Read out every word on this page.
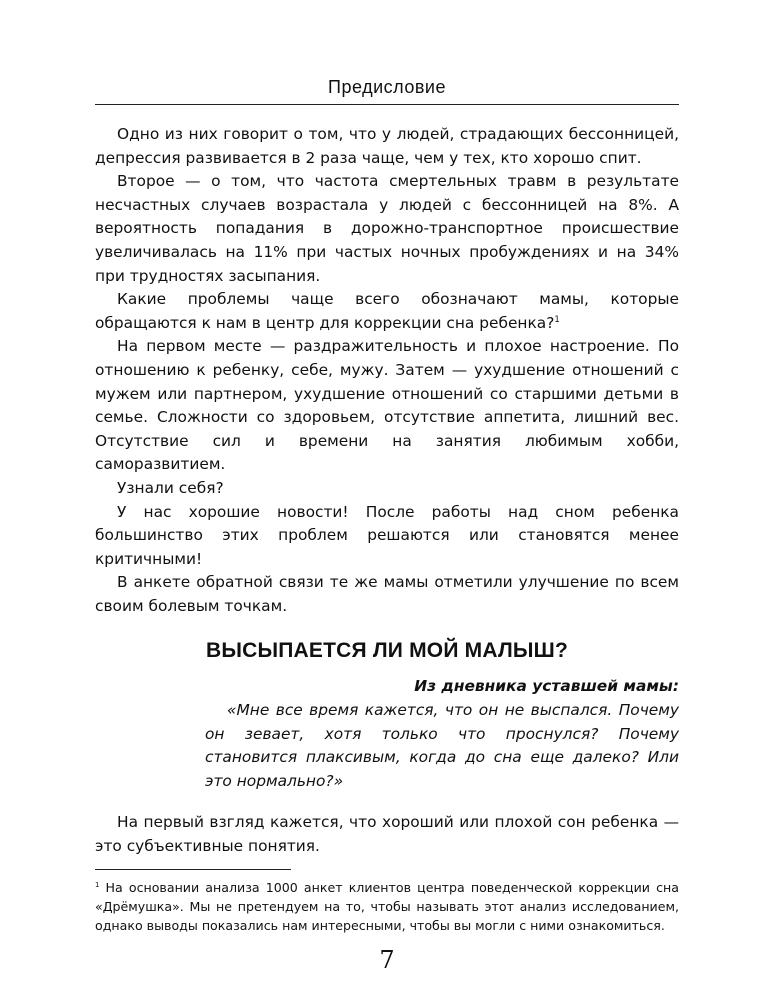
Предисловие

Одно из них говорит о том, что у людей, страдающих бессонницей, депрессия развивается в 2 раза чаще, чем у тех, кто хорошо спит.

Второе — о том, что частота смертельных травм в результате несчастных случаев возрастала у людей с бессонницей на 8%. А вероятность попадания в дорожно-транспортное происшествие увеличивалась на 11% при частых ночных пробуждениях и на 34% при трудностях засыпания.

Какие проблемы чаще всего обозначают мамы, которые обращаются к нам в центр для коррекции сна ребенка?$^1$

На первом месте — раздражительность и плохое настроение. По отношению к ребенку, себе, мужу. Затем — ухудшение отношений с мужем или партнером, ухудшение отношений со старшими детьми в семье. Сложности со здоровьем, отсутствие аппетита, лишний вес. Отсутствие сил и времени на занятия любимым хобби, саморазвитием.

Узнали себя?

У нас хорошие новости! После работы над сном ребенка большинство этих проблем решаются или становятся менее критичными!

В анкете обратной связи те же мамы отметили улучшение по всем своим болевым точкам.

ВЫСЫПАЕТСЯ ЛИ МОЙ МАЛЫШ?
Из дневника уставшей мамы:
«Мне все время кажется, что он не выспался. Почему он зевает, хотя только что проснулся? Почему становится плаксивым, когда до сна еще далеко? Или это нормально?»

На первый взгляд кажется, что хороший или плохой сон ребенка — это субъективные понятия.

$^1$ На основании анализа 1000 анкет клиентов центра поведенческой коррекции сна «Дрёмушка». Мы не претендуем на то, чтобы называть этот анализ исследованием, однако выводы показались нам интересными, чтобы вы могли с ними ознакомиться.
7
